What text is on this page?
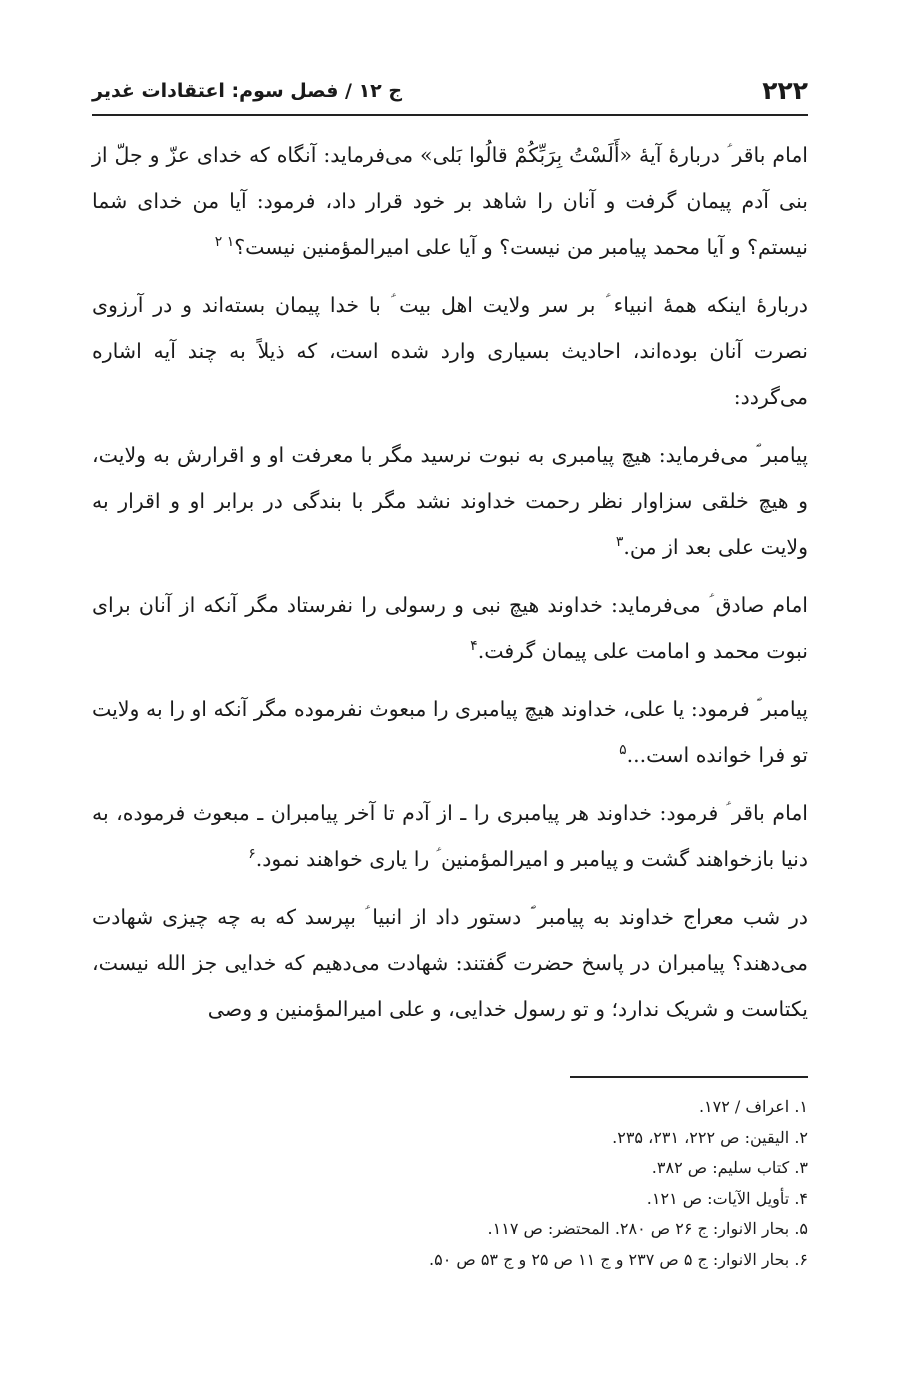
۲۲۲
ج ۱۲ / فصل سوم: اعتقادات غدیر

امام باقر ؑ دربارهٔ آیهٔ «أَلَسْتُ بِرَبِّكُمْ قالُوا بَلى» می‌فرماید: آنگاه که خدای عزّ و جلّ از بنی آدم پیمان گرفت و آنان را شاهد بر خود قرار داد، فرمود: آیا من خدای شما نیستم؟ و آیا محمد پیامبر من نیست؟ و آیا علی امیرالمؤمنین نیست؟$^{۱ ۲}$

دربارهٔ اینکه همهٔ انبیاء ؑ بر سر ولایت اهل بیت ؑ با خدا پیمان بسته‌اند و در آرزوی نصرت آنان بوده‌اند، احادیث بسیاری وارد شده است، که ذیلاً به چند آیه اشاره می‌گردد:

پیامبر ؐ می‌فرماید: هیچ پیامبری به نبوت نرسید مگر با معرفت او و اقرارش به ولایت، و هیچ خلقی سزاوار نظر رحمت خداوند نشد مگر با بندگی در برابر او و اقرار به ولایت علی بعد از من.$^۳$

امام صادق ؑ می‌فرماید: خداوند هیچ نبی و رسولی را نفرستاد مگر آنکه از آنان برای نبوت محمد و امامت علی پیمان گرفت.$^۴$

پیامبر ؐ فرمود: یا علی، خداوند هیچ پیامبری را مبعوث نفرموده مگر آنکه او را به ولایت تو فرا خوانده است...$^۵$

امام باقر ؑ فرمود: خداوند هر پیامبری را ـ از آدم تا آخر پیامبران ـ مبعوث فرموده، به دنیا بازخواهند گشت و پیامبر و امیرالمؤمنین ؑ را یاری خواهند نمود.$^۶$

در شب معراج خداوند به پیامبر ؐ دستور داد از انبیا ؑ بپرسد که به چه چیزی شهادت می‌دهند؟ پیامبران در پاسخ حضرت گفتند: شهادت می‌دهیم که خدایی جز الله نیست، یکتاست و شریک ندارد؛ و تو رسول خدایی، و علی امیرالمؤمنین و وصی

۱. اعراف / ۱۷۲.
۲. الیقین: ص ۲۲۲، ۲۳۱، ۲۳۵.
۳. کتاب سلیم: ص ۳۸۲.
۴. تأویل الآیات: ص ۱۲۱.
۵. بحار الانوار: ج ۲۶ ص ۲۸۰. المحتضر: ص ۱۱۷.
۶. بحار الانوار: ج ۵ ص ۲۳۷ و ج ۱۱ ص ۲۵ و ج ۵۳ ص ۵۰.
